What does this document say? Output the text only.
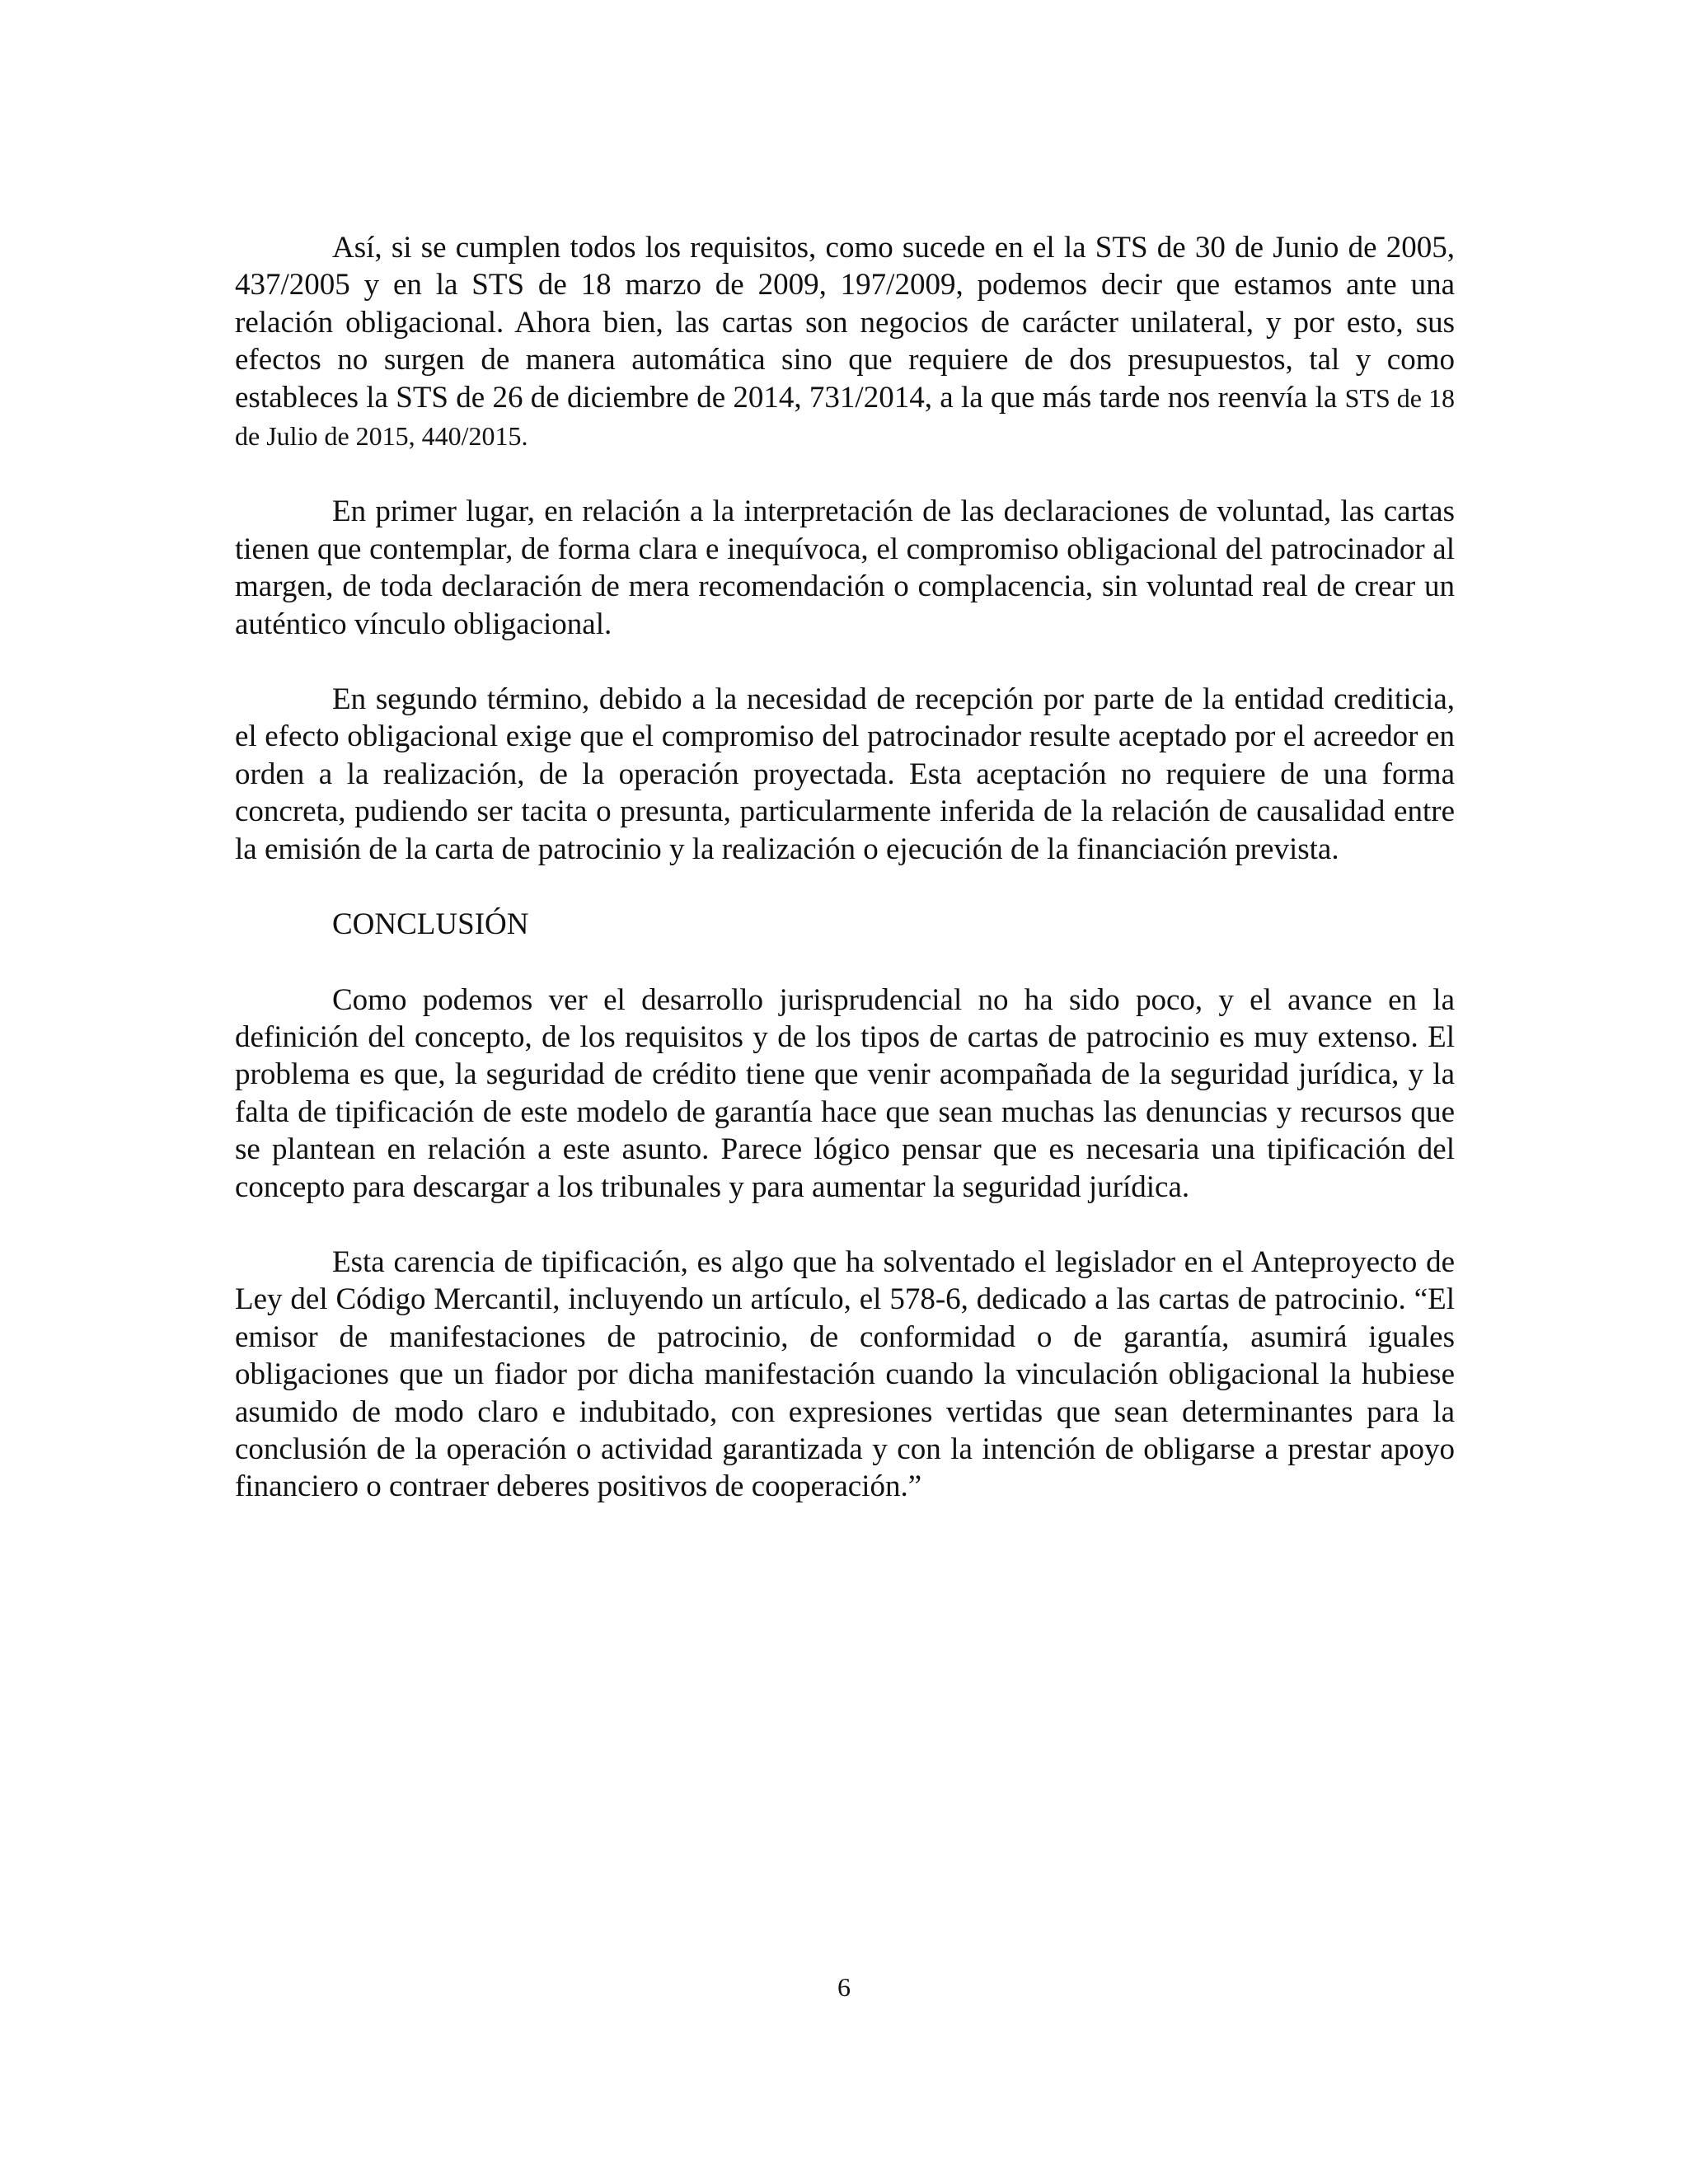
Así, si se cumplen todos los requisitos, como sucede en el la STS de 30 de Junio de 2005, 437/2005 y en la STS de 18 marzo de 2009, 197/2009, podemos decir que estamos ante una relación obligacional. Ahora bien, las cartas son negocios de carácter unilateral, y por esto, sus efectos no surgen de manera automática sino que requiere de dos presupuestos, tal y como estableces la STS de 26 de diciembre de 2014, 731/2014, a la que más tarde nos reenvía la STS de 18 de Julio de 2015, 440/2015.

En primer lugar, en relación a la interpretación de las declaraciones de voluntad, las cartas tienen que contemplar, de forma clara e inequívoca, el compromiso obligacional del patrocinador al margen, de toda declaración de mera recomendación o complacencia, sin voluntad real de crear un auténtico vínculo obligacional.

En segundo término, debido a la necesidad de recepción por parte de la entidad crediticia, el efecto obligacional exige que el compromiso del patrocinador resulte aceptado por el acreedor en orden a la realización, de la operación proyectada. Esta aceptación no requiere de una forma concreta, pudiendo ser tacita o presunta, particularmente inferida de la relación de causalidad entre la emisión de la carta de patrocinio y la realización o ejecución de la financiación prevista.

CONCLUSIÓN

Como podemos ver el desarrollo jurisprudencial no ha sido poco, y el avance en la definición del concepto, de los requisitos y de los tipos de cartas de patrocinio es muy extenso. El problema es que, la seguridad de crédito tiene que venir acompañada de la seguridad jurídica, y la falta de tipificación de este modelo de garantía hace que sean muchas las denuncias y recursos que se plantean en relación a este asunto. Parece lógico pensar que es necesaria una tipificación del concepto para descargar a los tribunales y para aumentar la seguridad jurídica.

Esta carencia de tipificación, es algo que ha solventado el legislador en el Anteproyecto de Ley del Código Mercantil, incluyendo un artículo, el 578-6, dedicado a las cartas de patrocinio. “El emisor de manifestaciones de patrocinio, de conformidad o de garantía, asumirá iguales obligaciones que un fiador por dicha manifestación cuando la vinculación obligacional la hubiese asumido de modo claro e indubitado, con expresiones vertidas que sean determinantes para la conclusión de la operación o actividad garantizada y con la intención de obligarse a prestar apoyo financiero o contraer deberes positivos de cooperación.”

6
